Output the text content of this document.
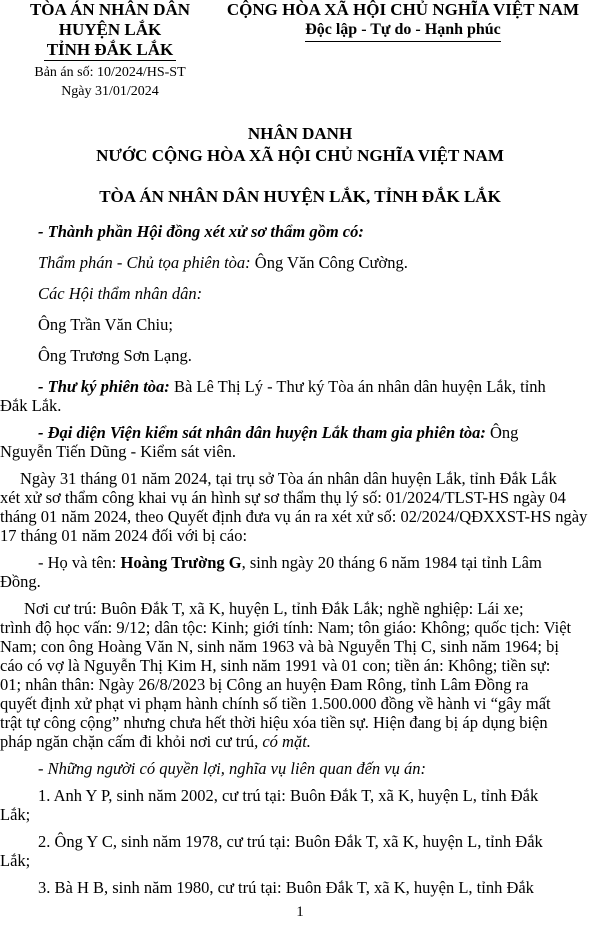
TÒA ÁN NHÂN DÂN
HUYỆN LẮK
TỈNH ĐẮK LẮK
Bản án số: 10/2024/HS-ST
Ngày 31/01/2024
CỘNG HÒA XÃ HỘI CHỦ NGHĨA VIỆT NAM
Độc lập - Tự do - Hạnh phúc
NHÂN DANH
NƯỚC CỘNG HÒA XÃ HỘI CHỦ NGHĨA VIỆT NAM
TÒA ÁN NHÂN DÂN HUYỆN LẮK, TỈNH ĐẮK LẮK

- Thành phần Hội đồng xét xử sơ thẩm gồm có:

Thẩm phán - Chủ tọa phiên tòa: Ông Văn Công Cường.

Các Hội thẩm nhân dân:

Ông Trần Văn Chiu;

Ông Trương Sơn Lạng.

- Thư ký phiên tòa: Bà Lê Thị Lý - Thư ký Tòa án nhân dân huyện Lắk, tỉnh

Đắk Lắk.

- Đại diện Viện kiểm sát nhân dân huyện Lắk tham gia phiên tòa: Ông

Nguyễn Tiến Dũng - Kiểm sát viên.

Ngày 31 tháng 01 năm 2024, tại trụ sở Tòa án nhân dân huyện Lắk, tỉnh Đắk Lắk

xét xử sơ thẩm công khai vụ án hình sự sơ thẩm thụ lý số: 01/2024/TLST-HS ngày 04

tháng 01 năm 2024, theo Quyết định đưa vụ án ra xét xử số: 02/2024/QĐXXST-HS ngày

17 tháng 01 năm 2024 đối với bị cáo:

- Họ và tên: Hoàng Trường G, sinh ngày 20 tháng 6 năm 1984 tại tỉnh Lâm

Đồng.

Nơi cư trú: Buôn Đắk T, xã K, huyện L, tỉnh Đắk Lắk; nghề nghiệp: Lái xe;

trình độ học vấn: 9/12; dân tộc: Kinh; giới tính: Nam; tôn giáo: Không; quốc tịch: Việt

Nam; con ông Hoàng Văn N, sinh năm 1963 và bà Nguyễn Thị C, sinh năm 1964; bị

cáo có vợ là Nguyễn Thị Kim H, sinh năm 1991 và 01 con; tiền án: Không; tiền sự:

01; nhân thân: Ngày 26/8/2023 bị Công an huyện Đam Rông, tỉnh Lâm Đồng ra

quyết định xử phạt vi phạm hành chính số tiền 1.500.000 đồng về hành vi “gây mất

trật tự công cộng” nhưng chưa hết thời hiệu xóa tiền sự. Hiện đang bị áp dụng biện

pháp ngăn chặn cấm đi khỏi nơi cư trú, có mặt.

- Những người có quyền lợi, nghĩa vụ liên quan đến vụ án:

1. Anh Y P, sinh năm 2002, cư trú tại: Buôn Đắk T, xã K, huyện L, tỉnh Đắk

Lắk;

2. Ông Y C, sinh năm 1978, cư trú tại: Buôn Đắk T, xã K, huyện L, tỉnh Đắk

Lắk;

3. Bà H B, sinh năm 1980, cư trú tại: Buôn Đắk T, xã K, huyện L, tỉnh Đắk

1
